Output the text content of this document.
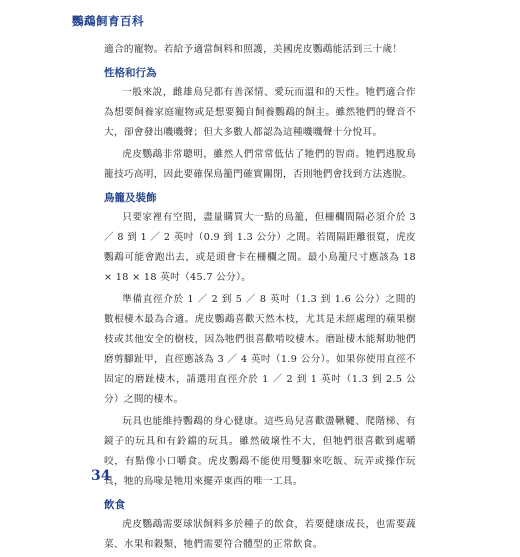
鸚鵡飼育百科

適合的寵物。若給予適當飼料和照護，美國虎皮鸚鵡能活到三十歲！

性格和行為

一般來說，雌雄鳥兒都有善深情、愛玩而溫和的天性。牠們適合作為想要飼養家庭寵物或是想要獨自飼養鸚鵡的飼主。雖然牠們的聲音不大，卻會發出嘰嘰聲；但大多數人都認為這種嘰嘰聲十分悅耳。

虎皮鸚鵡非常聰明，雖然人們常常低估了牠們的智商。牠們逃脫鳥籠技巧高明，因此要確保鳥籠門確實關閉，否則牠們會找到方法逃脫。

鳥籠及裝飾

只要家裡有空間，盡量購買大一點的鳥籠，但柵欄間隔必須介於 3 ／ 8 到 1 ／ 2 英吋（0.9 到 1.3 公分）之間。若間隔距離很寬，虎皮鸚鵡可能會跑出去，或是頭會卡在柵欄之間。最小鳥籠尺寸應該為 18 × 18 × 18 英吋（45.7 公分）。

準備直徑介於 1 ／ 2 到 5 ／ 8 英吋（1.3 到 1.6 公分）之間的數根棲木最為合適。虎皮鸚鵡喜歡天然木枝，尤其是未經處理的蘋果樹枝或其他安全的樹枝，因為牠們很喜歡啃咬棲木。磨趾棲木能幫助牠們磨剪腳趾甲，直徑應該為 3 ／ 4 英吋（1.9 公分）。如果你使用直徑不固定的磨趾棲木，請選用直徑介於 1 ／ 2 到 1 英吋（1.3 到 2.5 公分）之間的棲木。

玩具也能維持鸚鵡的身心健康。這些鳥兒喜歡盪鞦韆、爬階梯、有鏡子的玩具和有鈴鐺的玩具。雖然破壞性不大，但牠們很喜歡到處嚼咬，有點像小口嚼食。虎皮鸚鵡不能使用雙腳來吃飯、玩弄或操作玩具，牠的鳥喙是牠用來擺弄東西的唯一工具。

飲食

虎皮鸚鵡需要球狀飼料多於種子的飲食，若要健康成長，也需要蔬菜、水果和穀類，牠們需要符合體型的正常飲食。

34
